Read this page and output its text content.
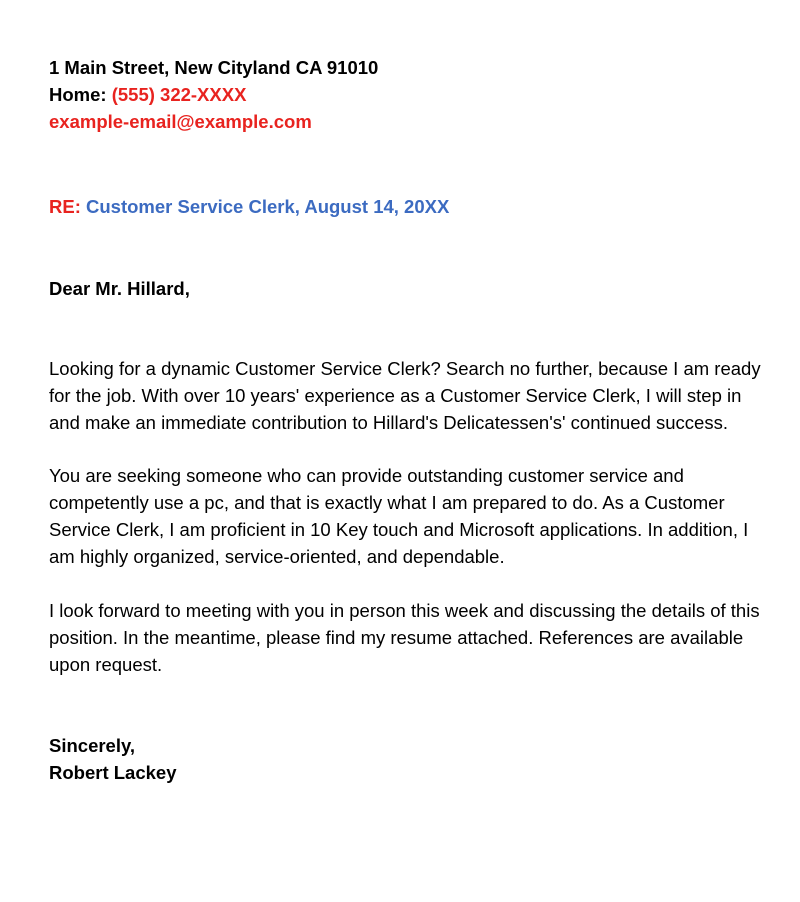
1 Main Street, New Cityland CA 91010

Home: (555) 322-XXXX

example-email@example.com

RE: Customer Service Clerk, August 14, 20XX

Dear Mr. Hillard,

Looking for a dynamic Customer Service Clerk? Search no further, because I am ready for the job. With over 10 years' experience as a Customer Service Clerk, I will step in and make an immediate contribution to Hillard's Delicatessen's' continued success.

You are seeking someone who can provide outstanding customer service and competently use a pc, and that is exactly what I am prepared to do. As a Customer Service Clerk, I am proficient in 10 Key touch and Microsoft applications. In addition, I am highly organized, service-oriented, and dependable.

I look forward to meeting with you in person this week and discussing the details of this position. In the meantime, please find my resume attached. References are available upon request.

Sincerely,

Robert Lackey
